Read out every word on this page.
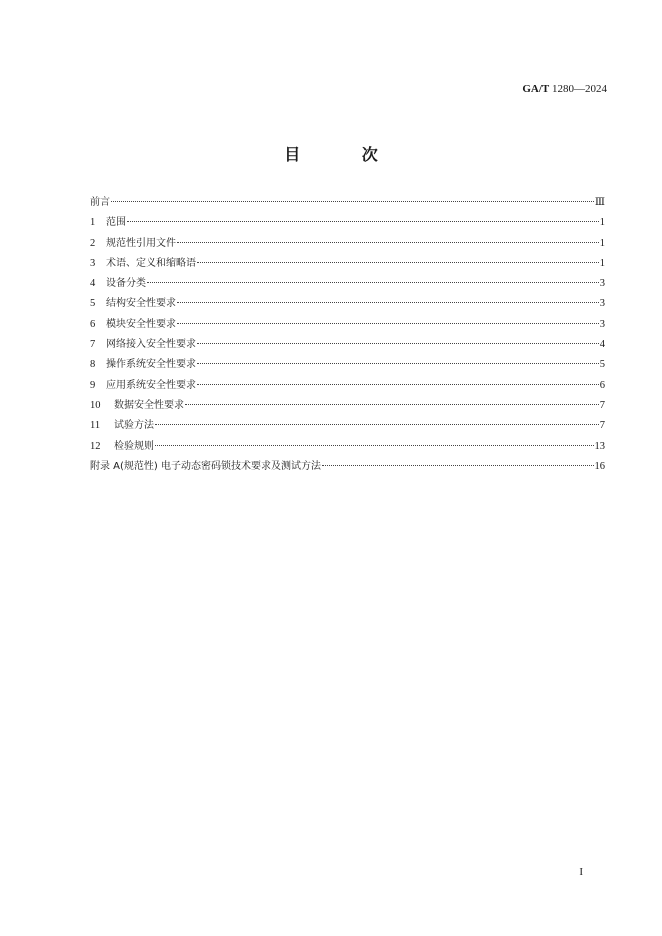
GA/T 1280—2024
目 次
前言	Ⅲ
1	范围	1
2	规范性引用文件	1
3	术语、定义和缩略语	1
4	设备分类	3
5	结构安全性要求	3
6	模块安全性要求	3
7	网络接入安全性要求	4
8	操作系统安全性要求	5
9	应用系统安全性要求	6
10	数据安全性要求	7
11	试验方法	7
12	检验规则	13
附录 A(规范性) 电子动态密码锁技术要求及测试方法	16
I
